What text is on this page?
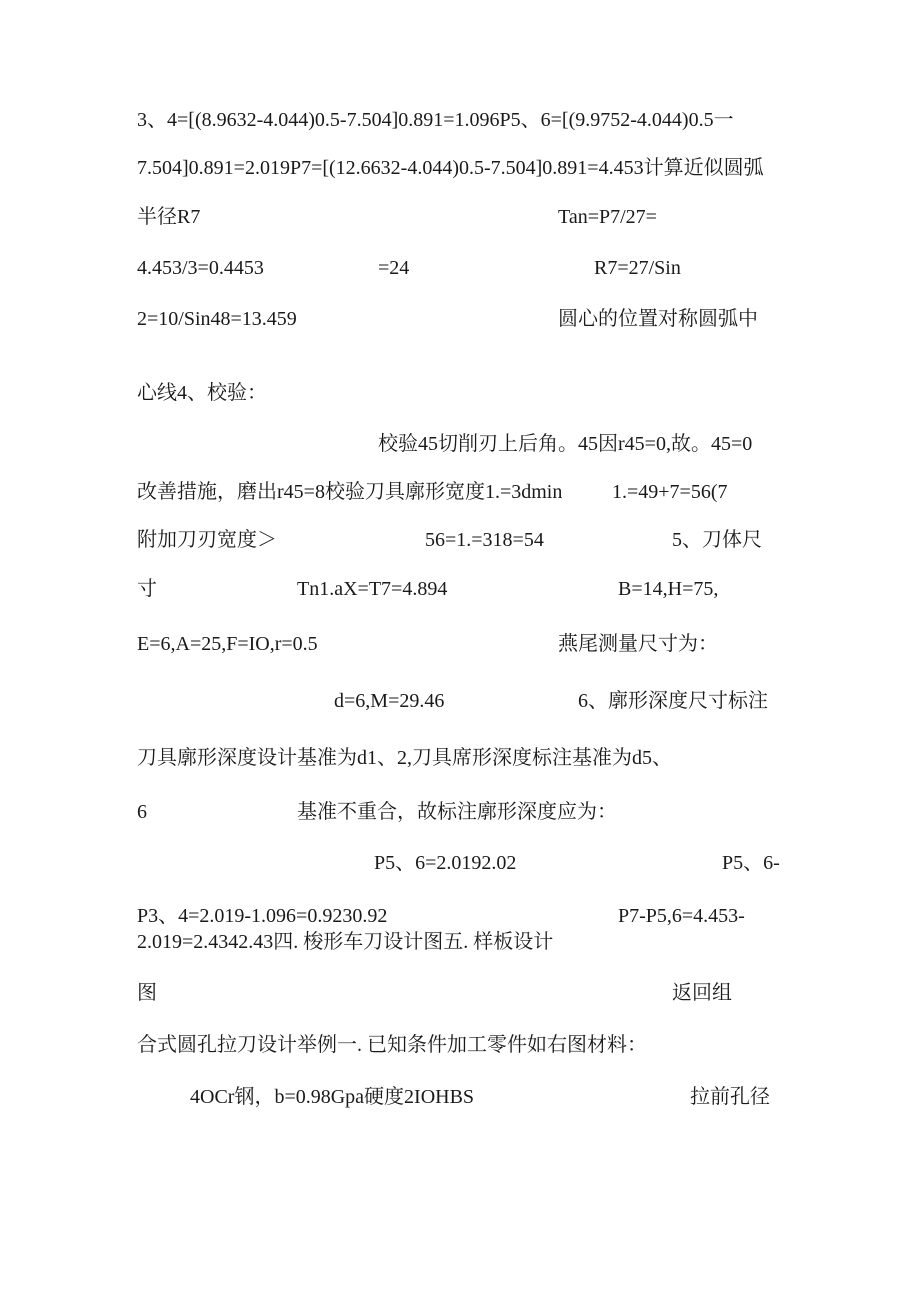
3、4=[(8.9632-4.044)0.5-7.504]0.891=1.096P5、6=[(9.9752-4.044)0.5一
7.504]0.891=2.019P7=[(12.6632-4.044)0.5-7.504]0.891=4.453计算近似圆弧
半径R7	Tan=P7/27=
4.453/3=0.4453	=24	R7=27/Sin
2=10/Sin48=13.459	圆心的位置对称圆弧中
心线4、校验：
校验45切削刃上后角。45因r45=0,故。45=0
改善措施，磨出r45=8校验刀具廓形宽度1.=3dmin 1.=49+7=56(7
附加刀刃宽度＞	56=1.=318=54	5、刀体尺
寸	Tn1.aX=T7=4.894	B=14,H=75,
E=6,A=25,F=IO,r=0.5	燕尾测量尺寸为：
d=6,M=29.46	6、廓形深度尺寸标注
刀具廓形深度设计基准为d1、2,刀具席形深度标注基准为d5、
6	基准不重合，故标注廓形深度应为：
P5、6=2.0192.02	P5、6-
P3、4=2.019-1.096=0.9230.92	P7-P5,6=4.453-
2.019=2.4342.43四. 梭形车刀设计图五. 样板设计
图	返回组
合式圆孔拉刀设计举例一. 已知条件加工零件如右图材料：
4OCr钢，b=0.98Gpa硬度2IOHBS	拉前孔径
